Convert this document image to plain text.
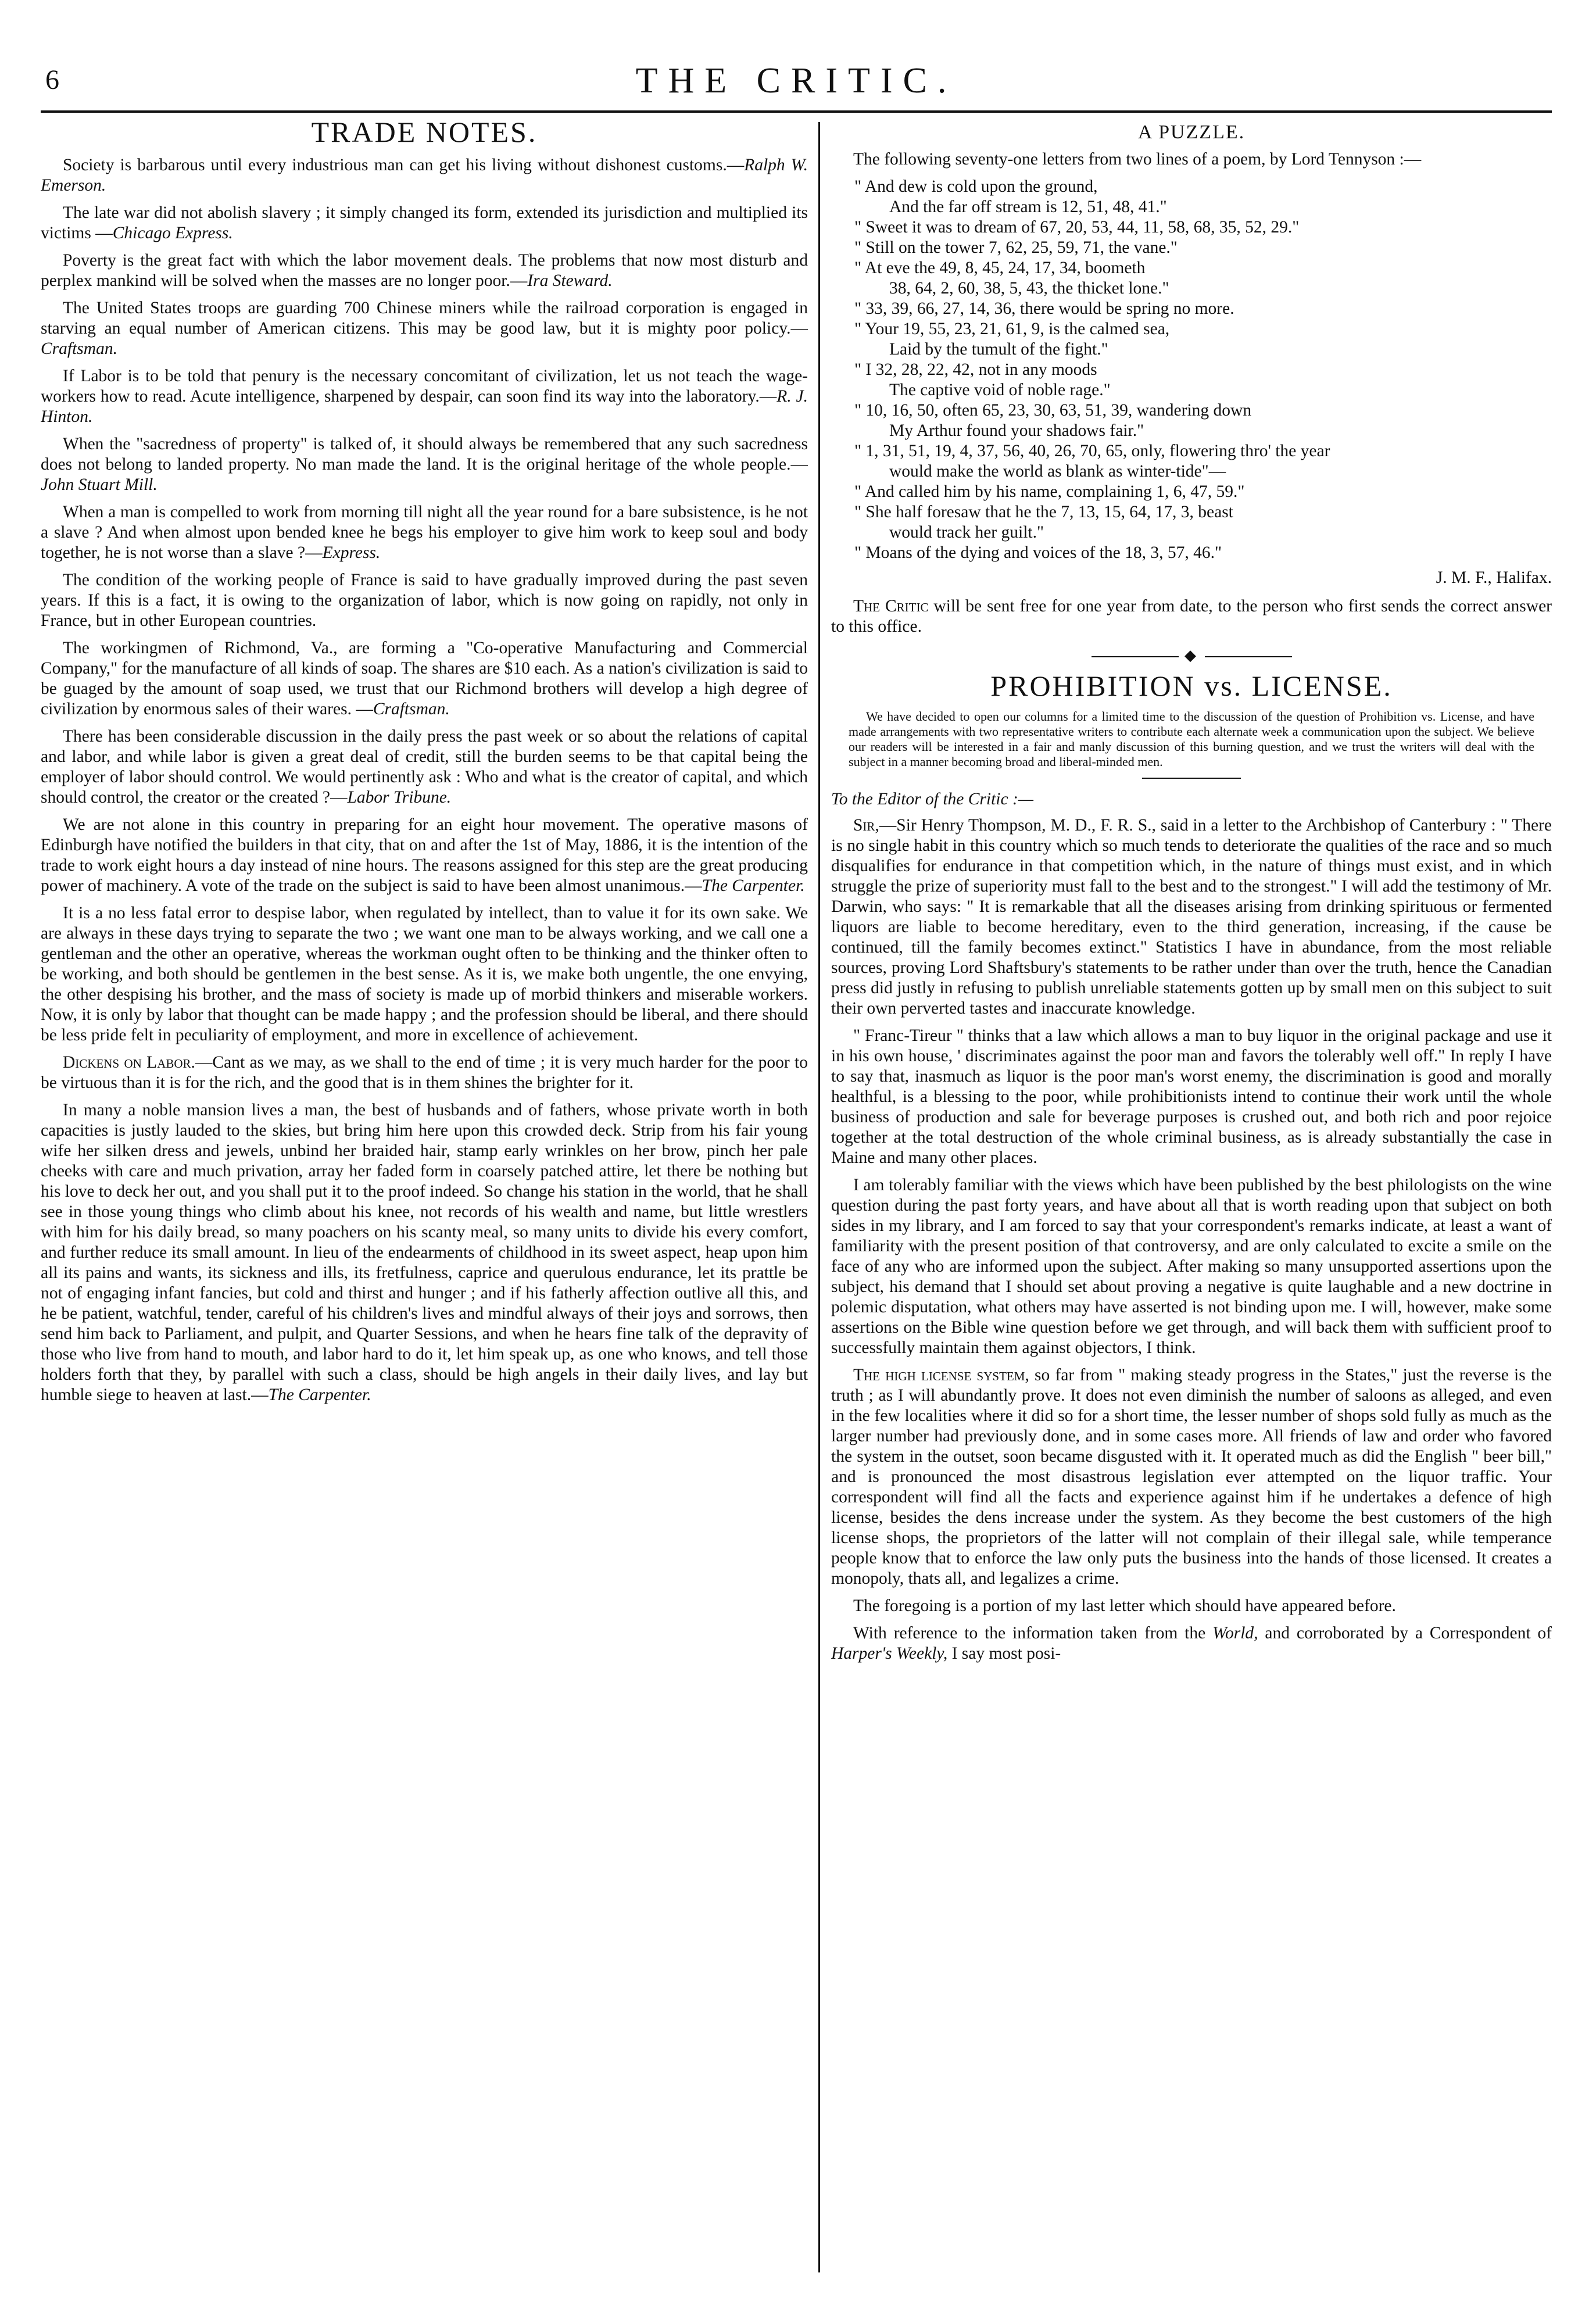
6	THE CRITIC.
TRADE NOTES.

Society is barbarous until every industrious man can get his living without dishonest customs.—Ralph W. Emerson.

The late war did not abolish slavery ; it simply changed its form, extended its jurisdiction and multiplied its victims —Chicago Express.

Poverty is the great fact with which the labor movement deals. The problems that now most disturb and perplex mankind will be solved when the masses are no longer poor.—Ira Steward.

The United States troops are guarding 700 Chinese miners while the railroad corporation is engaged in starving an equal number of American citizens. This may be good law, but it is mighty poor policy.—Craftsman.

If Labor is to be told that penury is the necessary concomitant of civilization, let us not teach the wage-workers how to read. Acute intelligence, sharpened by despair, can soon find its way into the laboratory.—R. J. Hinton.

When the "sacredness of property" is talked of, it should always be remembered that any such sacredness does not belong to landed property. No man made the land. It is the original heritage of the whole people.—John Stuart Mill.

When a man is compelled to work from morning till night all the year round for a bare subsistence, is he not a slave ? And when almost upon bended knee he begs his employer to give him work to keep soul and body together, he is not worse than a slave ?—Express.

The condition of the working people of France is said to have gradually improved during the past seven years. If this is a fact, it is owing to the organization of labor, which is now going on rapidly, not only in France, but in other European countries.

The workingmen of Richmond, Va., are forming a "Co-operative Manufacturing and Commercial Company," for the manufacture of all kinds of soap. The shares are $10 each. As a nation's civilization is said to be guaged by the amount of soap used, we trust that our Richmond brothers will develop a high degree of civilization by enormous sales of their wares. —Craftsman.

There has been considerable discussion in the daily press the past week or so about the relations of capital and labor, and while labor is given a great deal of credit, still the burden seems to be that capital being the employer of labor should control. We would pertinently ask : Who and what is the creator of capital, and which should control, the creator or the created ?—Labor Tribune.

We are not alone in this country in preparing for an eight hour movement. The operative masons of Edinburgh have notified the builders in that city, that on and after the 1st of May, 1886, it is the intention of the trade to work eight hours a day instead of nine hours. The reasons assigned for this step are the great producing power of machinery. A vote of the trade on the subject is said to have been almost unanimous.—The Carpenter.

It is a no less fatal error to despise labor, when regulated by intellect, than to value it for its own sake. We are always in these days trying to separate the two ; we want one man to be always working, and we call one a gentleman and the other an operative, whereas the workman ought often to be thinking and the thinker often to be working, and both should be gentlemen in the best sense. As it is, we make both ungentle, the one envying, the other despising his brother, and the mass of society is made up of morbid thinkers and miserable workers. Now, it is only by labor that thought can be made happy ; and the profession should be liberal, and there should be less pride felt in peculiarity of employment, and more in excellence of achievement.

Dickens on Labor.—Cant as we may, as we shall to the end of time ; it is very much harder for the poor to be virtuous than it is for the rich, and the good that is in them shines the brighter for it.

In many a noble mansion lives a man, the best of husbands and of fathers, whose private worth in both capacities is justly lauded to the skies, but bring him here upon this crowded deck. Strip from his fair young wife her silken dress and jewels, unbind her braided hair, stamp early wrinkles on her brow, pinch her pale cheeks with care and much privation, array her faded form in coarsely patched attire, let there be nothing but his love to deck her out, and you shall put it to the proof indeed. So change his station in the world, that he shall see in those young things who climb about his knee, not records of his wealth and name, but little wrestlers with him for his daily bread, so many poachers on his scanty meal, so many units to divide his every comfort, and further reduce its small amount. In lieu of the endearments of childhood in its sweet aspect, heap upon him all its pains and wants, its sickness and ills, its fretfulness, caprice and querulous endurance, let its prattle be not of engaging infant fancies, but cold and thirst and hunger ; and if his fatherly affection outlive all this, and he be patient, watchful, tender, careful of his children's lives and mindful always of their joys and sorrows, then send him back to Parliament, and pulpit, and Quarter Sessions, and when he hears fine talk of the depravity of those who live from hand to mouth, and labor hard to do it, let him speak up, as one who knows, and tell those holders forth that they, by parallel with such a class, should be high angels in their daily lives, and lay but humble siege to heaven at last.—The Carpenter.

A PUZZLE.

The following seventy-one letters from two lines of a poem, by Lord Tennyson :—

" And dew is cold upon the ground,
And the far off stream is 12, 51, 48, 41."
" Sweet it was to dream of 67, 20, 53, 44, 11, 58, 68, 35, 52, 29."
" Still on the tower 7, 62, 25, 59, 71, the vane."
" At eve the 49, 8, 45, 24, 17, 34, boometh
38, 64, 2, 60, 38, 5, 43, the thicket lone."
" 33, 39, 66, 27, 14, 36, there would be spring no more.
" Your 19, 55, 23, 21, 61, 9, is the calmed sea,
Laid by the tumult of the fight."
" I 32, 28, 22, 42, not in any moods
The captive void of noble rage."
" 10, 16, 50, often 65, 23, 30, 63, 51, 39, wandering down
My Arthur found your shadows fair."
" 1, 31, 51, 19, 4, 37, 56, 40, 26, 70, 65, only, flowering thro' the year
would make the world as blank as winter-tide"—
" And called him by his name, complaining 1, 6, 47, 59."
" She half foresaw that he the 7, 13, 15, 64, 17, 3, beast
would track her guilt."
" Moans of the dying and voices of the 18, 3, 57, 46."
J. M. F., Halifax.

The Critic will be sent free for one year from date, to the person who first sends the correct answer to this office.

◆
PROHIBITION vs. LICENSE.
We have decided to open our columns for a limited time to the discussion of the question of Prohibition vs. License, and have made arrangements with two representative writers to contribute each alternate week a communication upon the subject. We believe our readers will be interested in a fair and manly discussion of this burning question, and we trust the writers will deal with the subject in a manner becoming broad and liberal-minded men.
To the Editor of the Critic :—

Sir,—Sir Henry Thompson, M. D., F. R. S., said in a letter to the Archbishop of Canterbury : " There is no single habit in this country which so much tends to deteriorate the qualities of the race and so much disqualifies for endurance in that competition which, in the nature of things must exist, and in which struggle the prize of superiority must fall to the best and to the strongest." I will add the testimony of Mr. Darwin, who says: " It is remarkable that all the diseases arising from drinking spirituous or fermented liquors are liable to become hereditary, even to the third generation, increasing, if the cause be continued, till the family becomes extinct." Statistics I have in abundance, from the most reliable sources, proving Lord Shaftsbury's statements to be rather under than over the truth, hence the Canadian press did justly in refusing to publish unreliable statements gotten up by small men on this subject to suit their own perverted tastes and inaccurate knowledge.

" Franc-Tireur " thinks that a law which allows a man to buy liquor in the original package and use it in his own house, ' discriminates against the poor man and favors the tolerably well off." In reply I have to say that, inasmuch as liquor is the poor man's worst enemy, the discrimination is good and morally healthful, is a blessing to the poor, while prohibitionists intend to continue their work until the whole business of production and sale for beverage purposes is crushed out, and both rich and poor rejoice together at the total destruction of the whole criminal business, as is already substantially the case in Maine and many other places.

I am tolerably familiar with the views which have been published by the best philologists on the wine question during the past forty years, and have about all that is worth reading upon that subject on both sides in my library, and I am forced to say that your correspondent's remarks indicate, at least a want of familiarity with the present position of that controversy, and are only calculated to excite a smile on the face of any who are informed upon the subject. After making so many unsupported assertions upon the subject, his demand that I should set about proving a negative is quite laughable and a new doctrine in polemic disputation, what others may have asserted is not binding upon me. I will, however, make some assertions on the Bible wine question before we get through, and will back them with sufficient proof to successfully maintain them against objectors, I think.

The high license system, so far from " making steady progress in the States," just the reverse is the truth ; as I will abundantly prove. It does not even diminish the number of saloons as alleged, and even in the few localities where it did so for a short time, the lesser number of shops sold fully as much as the larger number had previously done, and in some cases more. All friends of law and order who favored the system in the outset, soon became disgusted with it. It operated much as did the English " beer bill," and is pronounced the most disastrous legislation ever attempted on the liquor traffic. Your correspondent will find all the facts and experience against him if he undertakes a defence of high license, besides the dens increase under the system. As they become the best customers of the high license shops, the proprietors of the latter will not complain of their illegal sale, while temperance people know that to enforce the law only puts the business into the hands of those licensed. It creates a monopoly, thats all, and legalizes a crime.

The foregoing is a portion of my last letter which should have appeared before.

With reference to the information taken from the World, and corroborated by a Correspondent of Harper's Weekly, I say most posi-
